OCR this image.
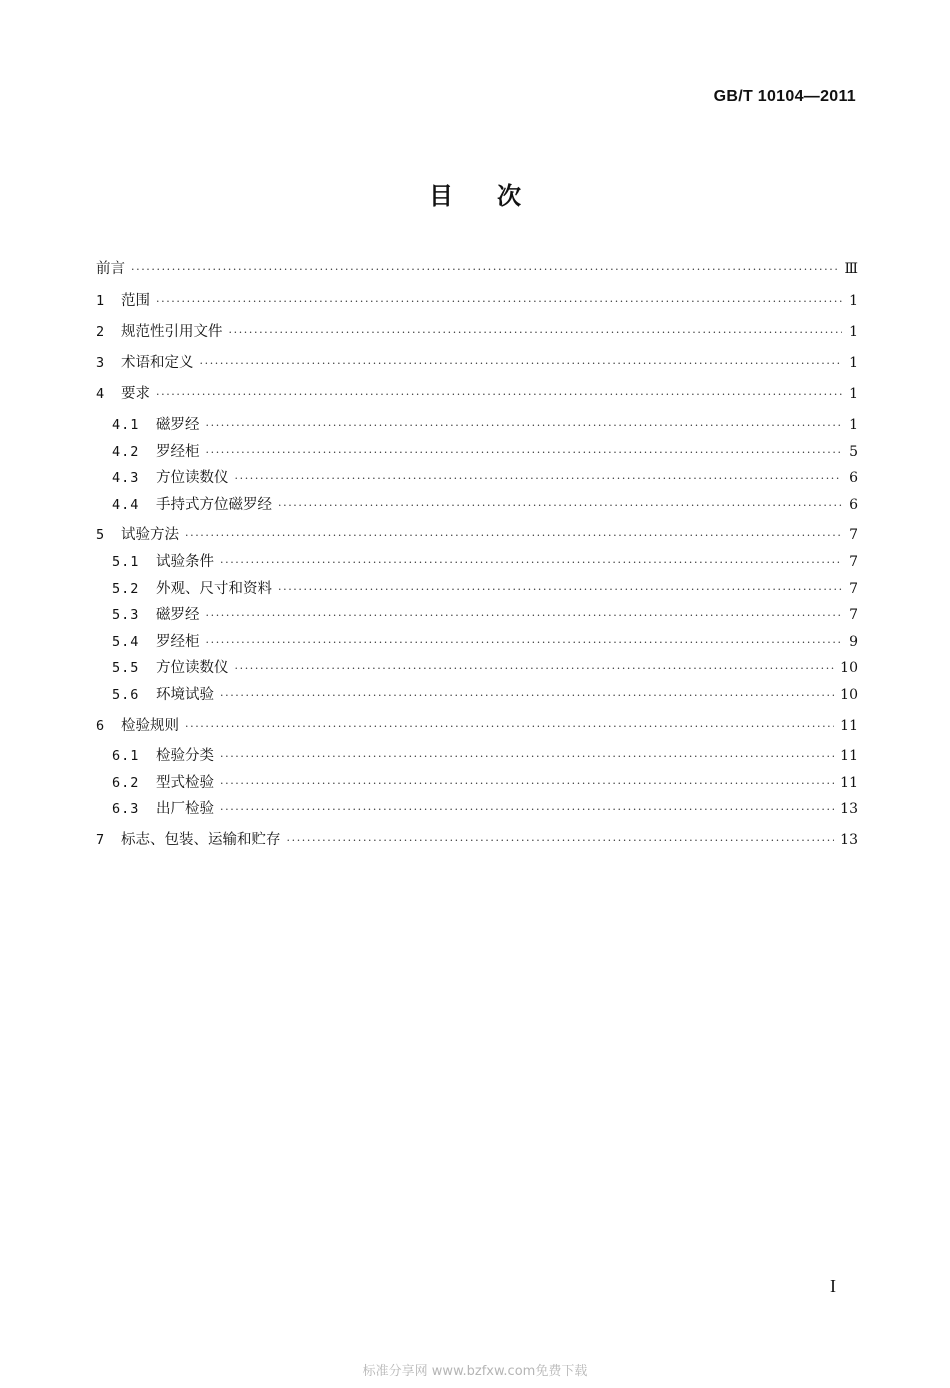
GB/T 10104—2011
目次
前言 ·····	Ⅲ
1	范围 ·····	1
2	规范性引用文件 ·····	1
3	术语和定义 ·····	1
4	要求 ·····	1
4.1	磁罗经 ·····	1
4.2	罗经柜 ·····	5
4.3	方位读数仪 ·····	6
4.4	手持式方位磁罗经 ·····	6
5	试验方法 ·····	7
5.1	试验条件 ·····	7
5.2	外观、尺寸和资料 ·····	7
5.3	磁罗经 ·····	7
5.4	罗经柜 ·····	9
5.5	方位读数仪 ·····	10
5.6	环境试验 ·····	10
6	检验规则 ·····	11
6.1	检验分类 ·····	11
6.2	型式检验 ·····	11
6.3	出厂检验 ·····	13
7	标志、包装、运输和贮存 ·····	13
I
标准分享网 www.bzfxw.com免费下载
